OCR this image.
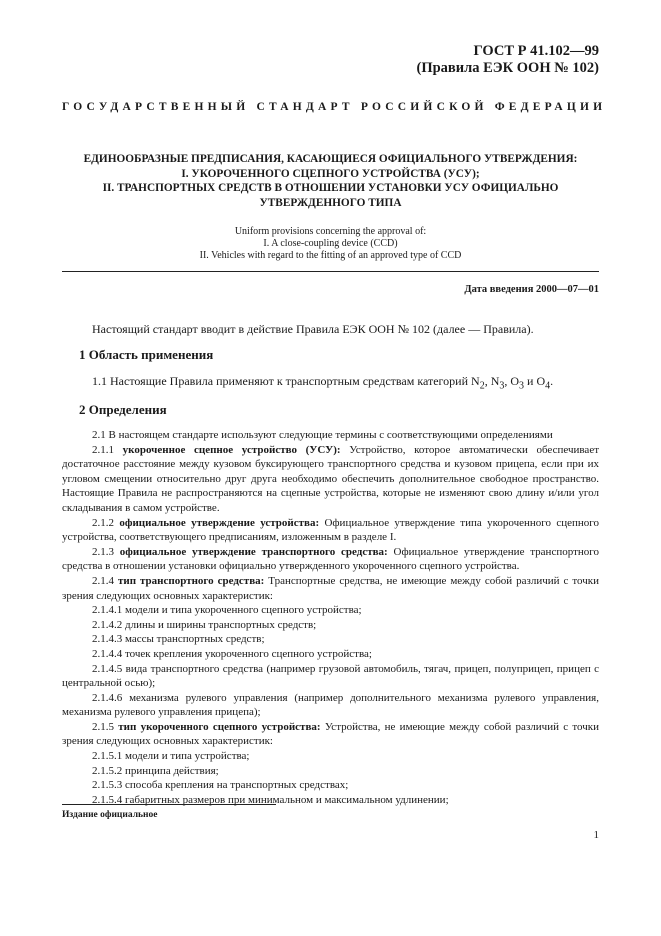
ГОСТ Р 41.102—99
(Правила ЕЭК ООН № 102)
ГОСУДАРСТВЕННЫЙ СТАНДАРТ РОССИЙСКОЙ ФЕДЕРАЦИИ
ЕДИНООБРАЗНЫЕ ПРЕДПИСАНИЯ, КАСАЮЩИЕСЯ ОФИЦИАЛЬНОГО УТВЕРЖДЕНИЯ:
I. УКОРОЧЕННОГО СЦЕПНОГО УСТРОЙСТВА (УСУ);
II. ТРАНСПОРТНЫХ СРЕДСТВ В ОТНОШЕНИИ УСТАНОВКИ УСУ ОФИЦИАЛЬНО
УТВЕРЖДЕННОГО ТИПА
Uniform provisions concerning the approval of:
I. A close-coupling device (CCD)
II. Vehicles with regard to the fitting of an approved type of CCD
Дата введения 2000—07—01
Настоящий стандарт вводит в действие Правила ЕЭК ООН № 102 (далее — Правила).
1 Область применения
1.1 Настоящие Правила применяют к транспортным средствам категорий $N_2$, $N_3$, $O_3$ и $O_4$.
2 Определения

2.1 В настоящем стандарте используют следующие термины с соответствующими определениями

2.1.1 укороченное сцепное устройство (УСУ): Устройство, которое автоматически обеспечивает достаточное расстояние между кузовом буксирующего транспортного средства и кузовом прицепа, если при их угловом смещении относительно друг друга необходимо обеспечить дополнительное свободное пространство. Настоящие Правила не распространяются на сцепные устройства, которые не изменяют свою длину и/или угол складывания в самом устройстве.

2.1.2 официальное утверждение устройства: Официальное утверждение типа укороченного сцепного устройства, соответствующего предписаниям, изложенным в разделе I.

2.1.3 официальное утверждение транспортного средства: Официальное утверждение транспортного средства в отношении установки официально утвержденного укороченного сцепного устройства.

2.1.4 тип транспортного средства: Транспортные средства, не имеющие между собой различий с точки зрения следующих основных характеристик:

2.1.4.1 модели и типа укороченного сцепного устройства;

2.1.4.2 длины и ширины транспортных средств;

2.1.4.3 массы транспортных средств;

2.1.4.4 точек крепления укороченного сцепного устройства;

2.1.4.5 вида транспортного средства (например грузовой автомобиль, тягач, прицеп, полуприцеп, прицеп с центральной осью);

2.1.4.6 механизма рулевого управления (например дополнительного механизма рулевого управления, механизма рулевого управления прицепа);

2.1.5 тип укороченного сцепного устройства: Устройства, не имеющие между собой различий с точки зрения следующих основных характеристик:

2.1.5.1 модели и типа устройства;

2.1.5.2 принципа действия;

2.1.5.3 способа крепления на транспортных средствах;

2.1.5.4 габаритных размеров при минимальном и максимальном удлинении;

Издание официальное
1
